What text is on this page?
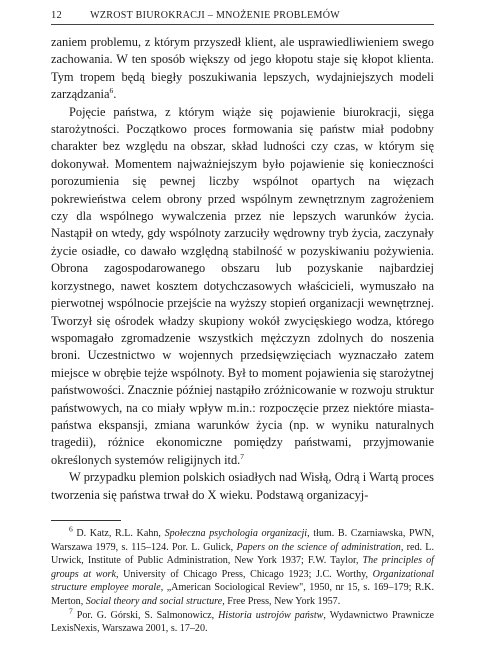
12	WZROST BIUROKRACJI – MNOŻENIE PROBLEMÓW

zaniem problemu, z którym przyszedł klient, ale usprawiedliwieniem swego zachowania. W ten sposób większy od jego kłopotu staje się kłopot klienta. Tym tropem będą biegły poszukiwania lepszych, wydajniejszych modeli zarządzania$^6$.

Pojęcie państwa, z którym wiąże się pojawienie biurokracji, sięga starożytności. Początkowo proces formowania się państw miał podobny charakter bez względu na obszar, skład ludności czy czas, w którym się dokonywał. Momentem najważniejszym było pojawienie się konieczności porozumienia się pewnej liczby wspólnot opartych na więzach pokrewieństwa celem obrony przed wspólnym zewnętrznym zagrożeniem czy dla wspólnego wywalczenia przez nie lepszych warunków życia. Nastąpił on wtedy, gdy wspólnoty zarzuciły wędrowny tryb życia, zaczynały życie osiadłe, co dawało względną stabilność w pozyskiwaniu pożywienia. Obrona zagospodarowanego obszaru lub pozyskanie najbardziej korzystnego, nawet kosztem dotychczasowych właścicieli, wymuszało na pierwotnej wspólnocie przejście na wyższy stopień organizacji wewnętrznej. Tworzył się ośrodek władzy skupiony wokół zwycięskiego wodza, którego wspomagało zgromadzenie wszystkich mężczyzn zdolnych do noszenia broni. Uczestnictwo w wojennych przedsięwzięciach wyznaczało zatem miejsce w obrębie tejże wspólnoty. Był to moment pojawienia się starożytnej państwowości. Znacznie później nastąpiło zróżnicowanie w rozwoju struktur państwowych, na co miały wpływ m.in.: rozpoczęcie przez niektóre miasta-państwa ekspansji, zmiana warunków życia (np. w wyniku naturalnych tragedii), różnice ekonomiczne pomiędzy państwami, przyjmowanie określonych systemów religijnych itd.$^7$

W przypadku plemion polskich osiadłych nad Wisłą, Odrą i Wartą proces tworzenia się państwa trwał do X wieku. Podstawą organizacyj-

$^6$ D. Katz, R.L. Kahn, Społeczna psychologia organizacji, tłum. B. Czarniawska, PWN, Warszawa 1979, s. 115–124. Por. L. Gulick, Papers on the science of administration, red. L. Urwick, Institute of Public Administration, New York 1937; F.W. Taylor, The principles of groups at work, University of Chicago Press, Chicago 1923; J.C. Worthy, Organizational structure employee morale, „American Sociological Review", 1950, nr 15, s. 169–179; R.K. Merton, Social theory and social structure, Free Press, New York 1957.

$^7$ Por. G. Górski, S. Salmonowicz, Historia ustrojów państw, Wydawnictwo Prawnicze LexisNexis, Warszawa 2001, s. 17–20.
